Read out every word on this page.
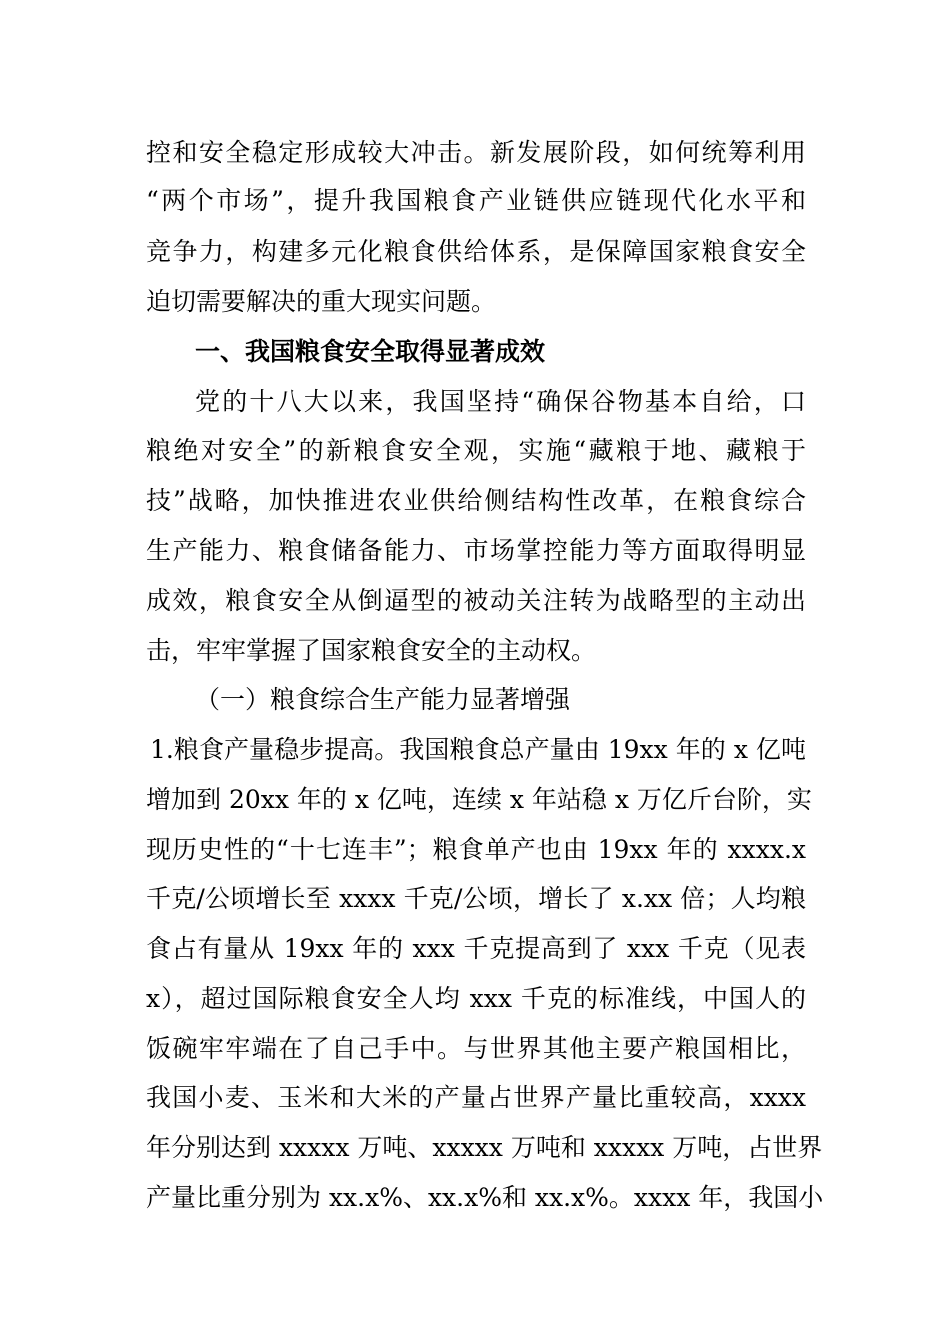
控和安全稳定形成较大冲击。新发展阶段，如何统筹利用
“两个市场”，提升我国粮食产业链供应链现代化水平和
竞争力，构建多元化粮食供给体系，是保障国家粮食安全
迫切需要解决的重大现实问题。
一、我国粮食安全取得显著成效
党的十八大以来，我国坚持“确保谷物基本自给，口
粮绝对安全”的新粮食安全观，实施“藏粮于地、藏粮于
技”战略，加快推进农业供给侧结构性改革，在粮食综合
生产能力、粮食储备能力、市场掌控能力等方面取得明显
成效，粮食安全从倒逼型的被动关注转为战略型的主动出
击，牢牢掌握了国家粮食安全的主动权。
（一）粮食综合生产能力显著增强
1.粮食产量稳步提高。我国粮食总产量由 19xx 年的 x 亿吨
增加到 20xx 年的 x 亿吨，连续 x 年站稳 x 万亿斤台阶，实
现历史性的“十七连丰”；粮食单产也由 19xx 年的 xxxx.x
千克/公顷增长至 xxxx 千克/公顷，增长了 x.xx 倍；人均粮
食占有量从 19xx 年的 xxx 千克提高到了 xxx 千克（见表
x），超过国际粮食安全人均 xxx 千克的标准线，中国人的
饭碗牢牢端在了自己手中。与世界其他主要产粮国相比，
我国小麦、玉米和大米的产量占世界产量比重较高，xxxx
年分别达到 xxxxx 万吨、xxxxx 万吨和 xxxxx 万吨，占世界
产量比重分别为 xx.x%、xx.x%和 xx.x%。xxxx 年，我国小
